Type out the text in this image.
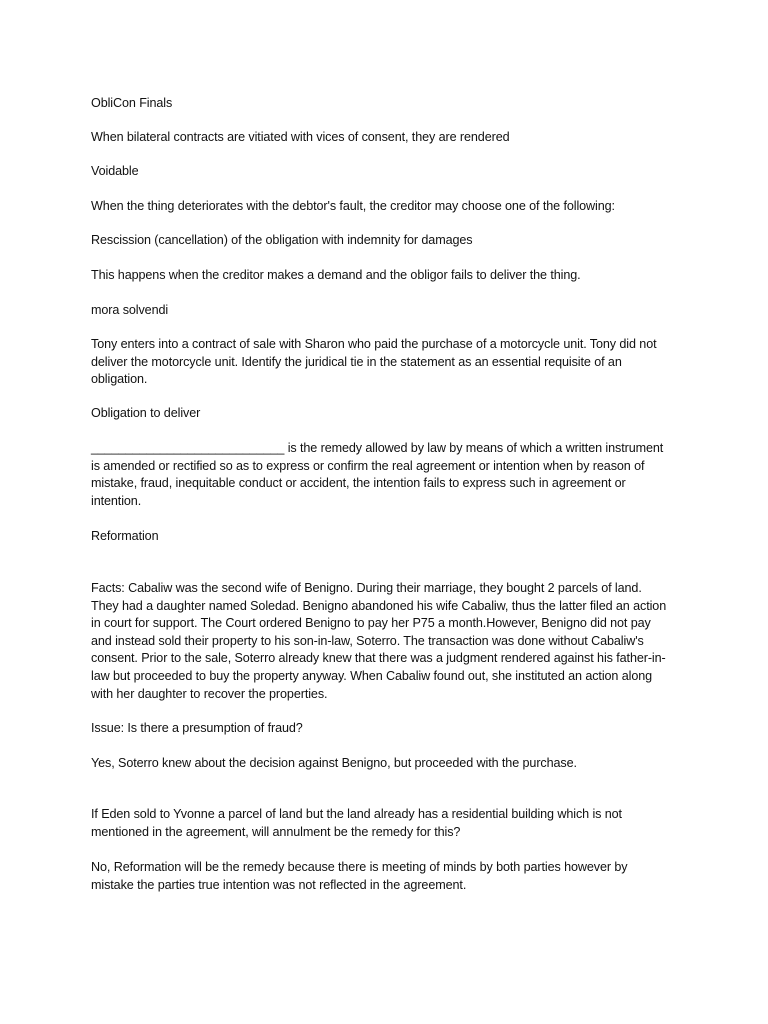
ObliCon Finals

When bilateral contracts are vitiated with vices of consent, they are rendered

Voidable

When the thing deteriorates with the debtor's fault, the creditor may choose one of the following:

Rescission (cancellation) of the obligation with indemnity for damages

This happens when the creditor makes a demand and the obligor fails to deliver the thing.

mora solvendi

Tony enters into a contract of sale with Sharon who paid the purchase of a motorcycle unit. Tony did not deliver the motorcycle unit. Identify the juridical tie in the statement as an essential requisite of an obligation.

Obligation to deliver

____________________________ is the remedy allowed by law by means of which a written instrument is amended or rectified so as to express or confirm the real agreement or intention when by reason of mistake, fraud, inequitable conduct or accident, the intention fails to express such in agreement or intention.

Reformation

Facts: Cabaliw was the second wife of Benigno. During their marriage, they bought 2 parcels of land. They had a daughter named Soledad. Benigno abandoned his wife Cabaliw, thus the latter filed an action in court for support. The Court ordered Benigno to pay her P75 a month.However, Benigno did not pay and instead sold their property to his son-in-law, Soterro. The transaction was done without Cabaliw's consent. Prior to the sale, Soterro already knew that there was a judgment rendered against his father-in-law but proceeded to buy the property anyway. When Cabaliw found out, she instituted an action along with her daughter to recover the properties.

Issue: Is there a presumption of fraud?

Yes, Soterro knew about the decision against Benigno, but proceeded with the purchase.

If Eden sold to Yvonne a parcel of land but the land already has a residential building which is not mentioned in the agreement, will annulment be the remedy for this?

No, Reformation will be the remedy because there is meeting of minds by both parties however by mistake the parties true intention was not reflected in the agreement.
